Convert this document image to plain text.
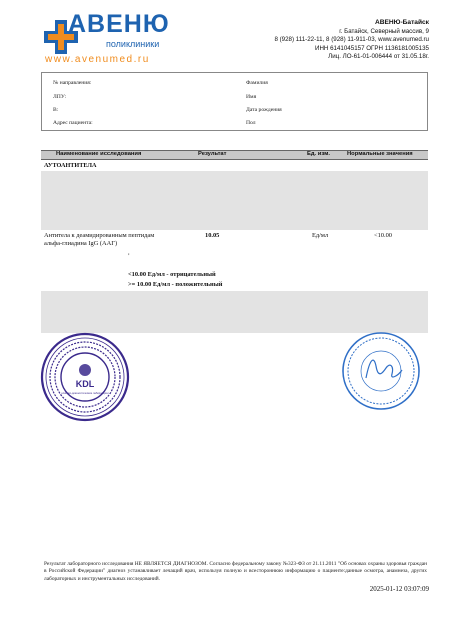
АВЕНЮ
поликлиники
www.avenumed.ru
АВЕНЮ-Батайск
г. Батайск, Северный массив, 9
8 (928) 111-22-11, 8 (928) 11-911-03, www.avenumed.ru
ИНН 6141045157 ОГРН 1136181005135
Лиц. ЛО-61-01-006444 от 31.05.18г.
№ направления:
ЛПУ:
В:
Адрес пациента:
Фамилия
Имя
Дата рождения
Пол
Наименование исследования	Результат	Ед. изм.	Нормальные значения
АУТОАНТИТЕЛА
Антитела к деамидированным пептидам альфа-глиадина IgG (ААГ)
,
10.05	Ед/мл	<10.00
<10.00 Ед/мл - отрицательный
>= 10.00 Ед/мл - положительный
KDL
клинико-диагностические лаборатории
Результат лабораторного исследования НЕ ЯВЛЯЕТСЯ ДИАГНОЗОМ. Согласно федеральному закону №323-ФЗ от 21.11.2011 "Об основах охраны здоровья граждан в Российской Федерации" диагноз устанавливает лечащий врач, используя полную и всестороннюю информацию о пациенте:данные осмотра, анамнеза, других лабораторных и инструментальных исследований.
2025-01-12 03:07:09
